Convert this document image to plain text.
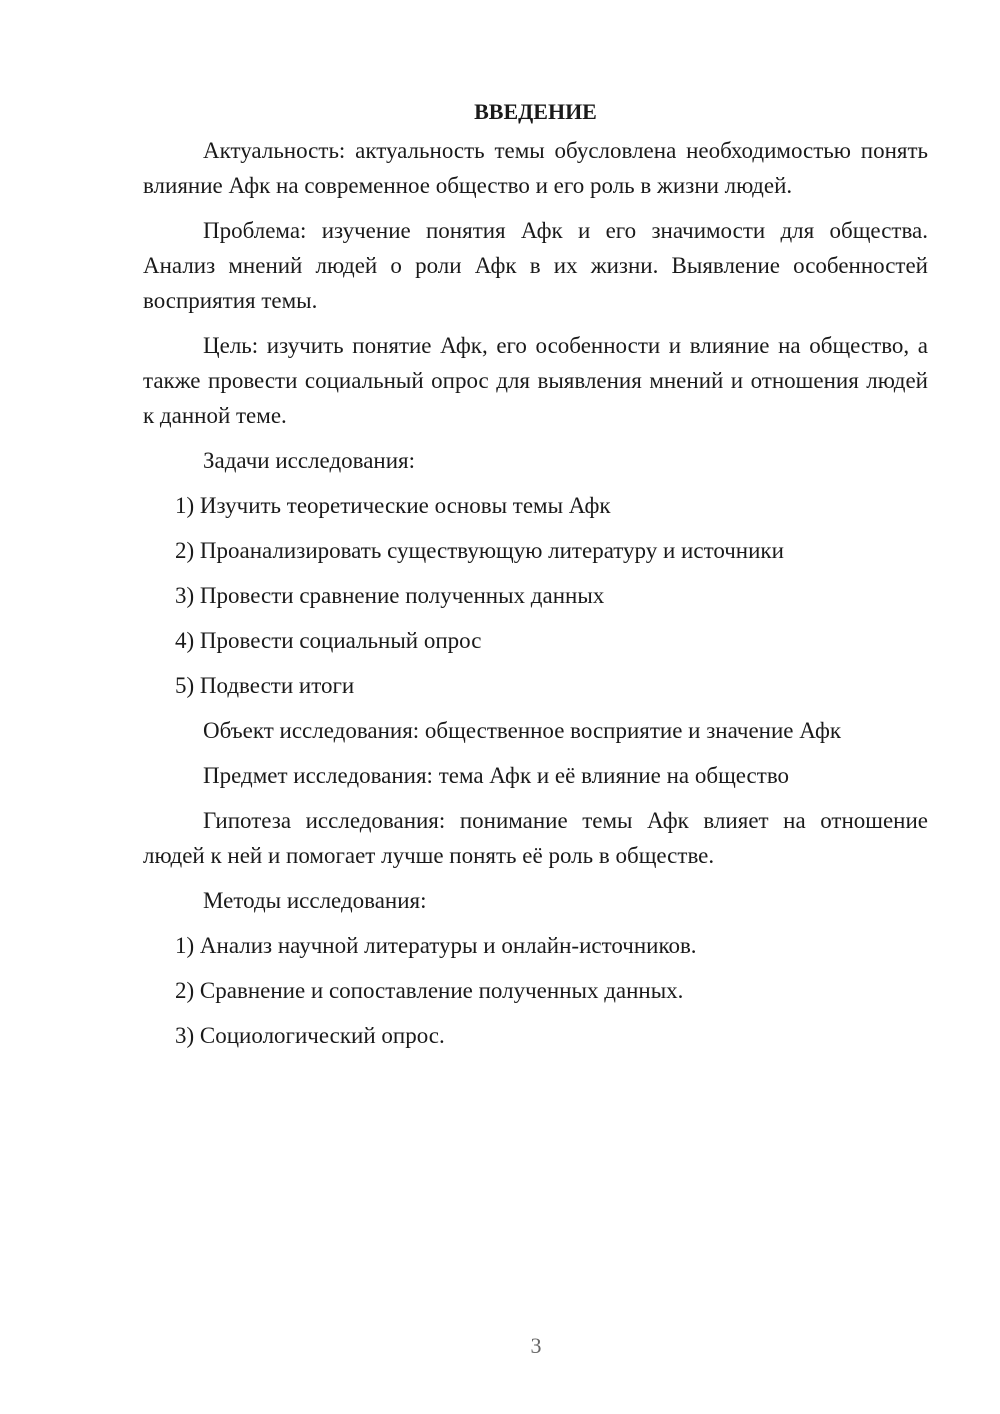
ВВЕДЕНИЕ
Актуальность: актуальность темы обусловлена необходимостью понять влияние Афк на современное общество и его роль в жизни людей.
Проблема: изучение понятия Афк и его значимости для общества. Анализ мнений людей о роли Афк в их жизни. Выявление особенностей восприятия темы.
Цель: изучить понятие Афк, его особенности и влияние на общество, а также провести социальный опрос для выявления мнений и отношения людей к данной теме.
Задачи исследования:
1) Изучить теоретические основы темы Афк
2) Проанализировать существующую литературу и источники
3) Провести сравнение полученных данных
4) Провести социальный опрос
5) Подвести итоги
Объект исследования: общественное восприятие и значение Афк
Предмет исследования: тема Афк и её влияние на общество
Гипотеза исследования: понимание темы Афк влияет на отношение людей к ней и помогает лучше понять её роль в обществе.
Методы исследования:
1) Анализ научной литературы и онлайн-источников.
2) Сравнение и сопоставление полученных данных.
3) Социологический опрос.
3
